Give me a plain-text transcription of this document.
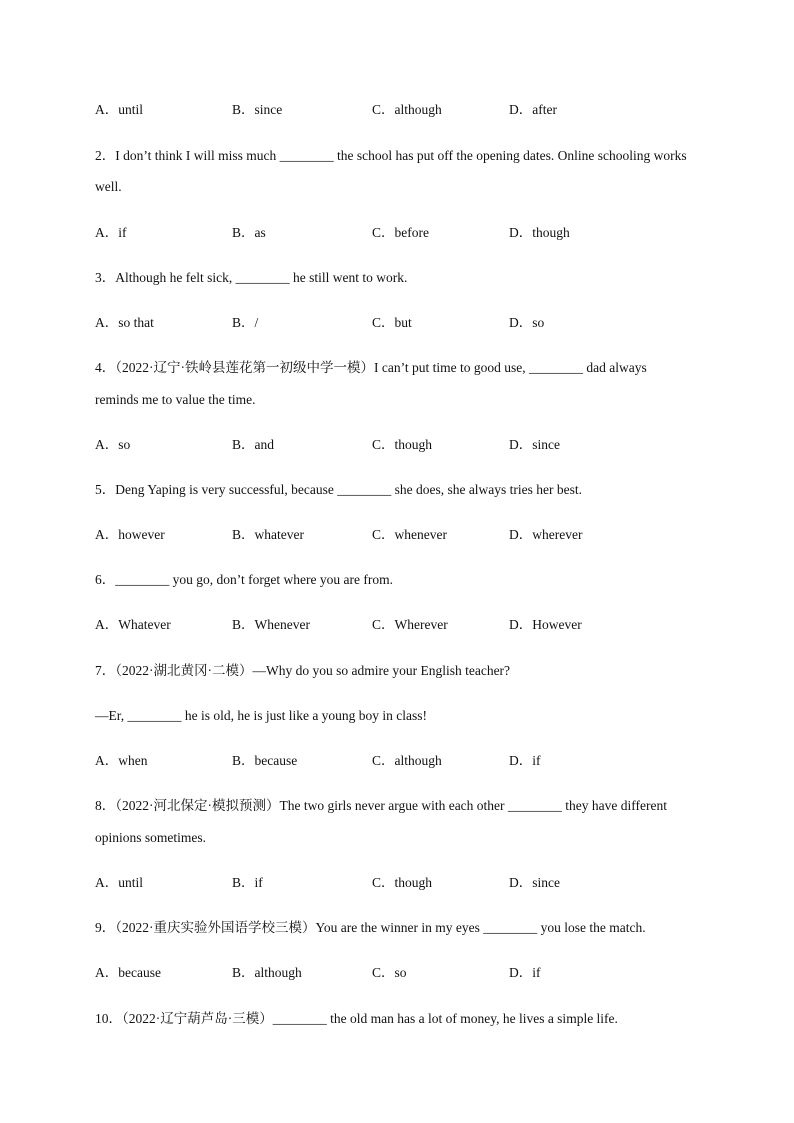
A．until	B．since	C．although	D．after
2．I don’t think I will miss much ________ the school has put off the opening dates. Online schooling works
well.
A．if	B．as	C．before	D．though
3．Although he felt sick, ________ he still went to work.
A．so that	B．/	C．but	D．so
4．（2022·辽宁·铁岭县莲花第一初级中学一模）I can’t put time to good use, ________ dad always
reminds me to value the time.
A．so	B．and	C．though	D．since
5．Deng Yaping is very successful, because ________ she does, she always tries her best.
A．however	B．whatever	C．whenever	D．wherever
6．________ you go, don’t forget where you are from.
A．Whatever	B．Whenever	C．Wherever	D．However
7．（2022·湖北黄冈·二模）—Why do you so admire your English teacher?
—Er, ________ he is old, he is just like a young boy in class!
A．when	B．because	C．although	D．if
8．（2022·河北保定·模拟预测）The two girls never argue with each other ________ they have different
opinions sometimes.
A．until	B．if	C．though	D．since
9．（2022·重庆实验外国语学校三模）You are the winner in my eyes ________ you lose the match.
A．because	B．although	C．so	D．if
10．（2022·辽宁葫芦岛·三模）________ the old man has a lot of money, he lives a simple life.
